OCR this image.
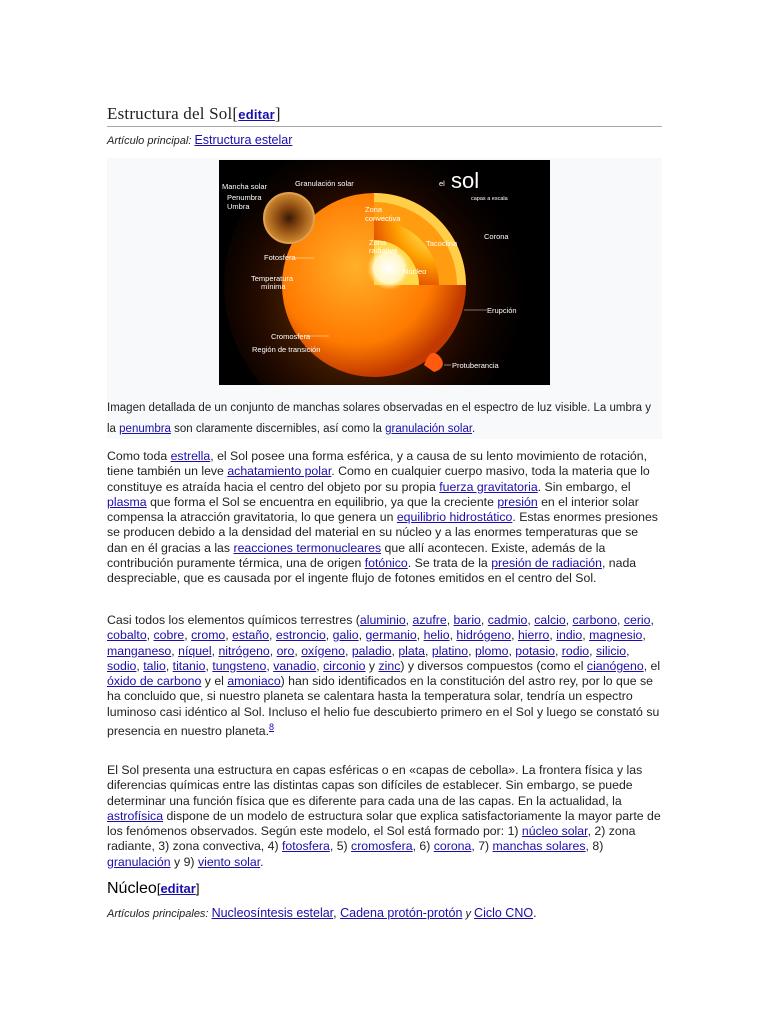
Estructura del Sol[editar]
Artículo principal: Estructura estelar
el sol
capas a escala
Mancha solar
Penumbra
Umbra
Granulación solar
Zona
convectiva
Zona
radiativa
Tacoclina
Corona
Fotosfera
Núcleo
Temperatura
mínima
Erupción
Cromosfera
Región de transición
Protuberancia
Imagen detallada de un conjunto de manchas solares observadas en el espectro de luz visible. La umbra y la penumbra son claramente discernibles, así como la granulación solar.
Como toda estrella, el Sol posee una forma esférica, y a causa de su lento movimiento de rotación, tiene también un leve achatamiento polar. Como en cualquier cuerpo masivo, toda la materia que lo constituye es atraída hacia el centro del objeto por su propia fuerza gravitatoria. Sin embargo, el plasma que forma el Sol se encuentra en equilibrio, ya que la creciente presión en el interior solar compensa la atracción gravitatoria, lo que genera un equilibrio hidrostático. Estas enormes presiones se producen debido a la densidad del material en su núcleo y a las enormes temperaturas que se dan en él gracias a las reacciones termonucleares que allí acontecen. Existe, además de la contribución puramente térmica, una de origen fotónico. Se trata de la presión de radiación, nada despreciable, que es causada por el ingente flujo de fotones emitidos en el centro del Sol.
Casi todos los elementos químicos terrestres (aluminio, azufre, bario, cadmio, calcio, carbono, cerio, cobalto, cobre, cromo, estaño, estroncio, galio, germanio, helio, hidrógeno, hierro, indio, magnesio, manganeso, níquel, nitrógeno, oro, oxígeno, paladio, plata, platino, plomo, potasio, rodio, silicio, sodio, talio, titanio, tungsteno, vanadio, circonio y zinc) y diversos compuestos (como el cianógeno, el óxido de carbono y el amoniaco) han sido identificados en la constitución del astro rey, por lo que se ha concluido que, si nuestro planeta se calentara hasta la temperatura solar, tendría un espectro luminoso casi idéntico al Sol. Incluso el helio fue descubierto primero en el Sol y luego se constató su presencia en nuestro planeta.$^8$
El Sol presenta una estructura en capas esféricas o en «capas de cebolla». La frontera física y las diferencias químicas entre las distintas capas son difíciles de establecer. Sin embargo, se puede determinar una función física que es diferente para cada una de las capas. En la actualidad, la astrofísica dispone de un modelo de estructura solar que explica satisfactoriamente la mayor parte de los fenómenos observados. Según este modelo, el Sol está formado por: 1) núcleo solar, 2) zona radiante, 3) zona convectiva, 4) fotosfera, 5) cromosfera, 6) corona, 7) manchas solares, 8) granulación y 9) viento solar.
Núcleo[editar]
Artículos principales: Nucleosíntesis estelar, Cadena protón-protón y Ciclo CNO.
